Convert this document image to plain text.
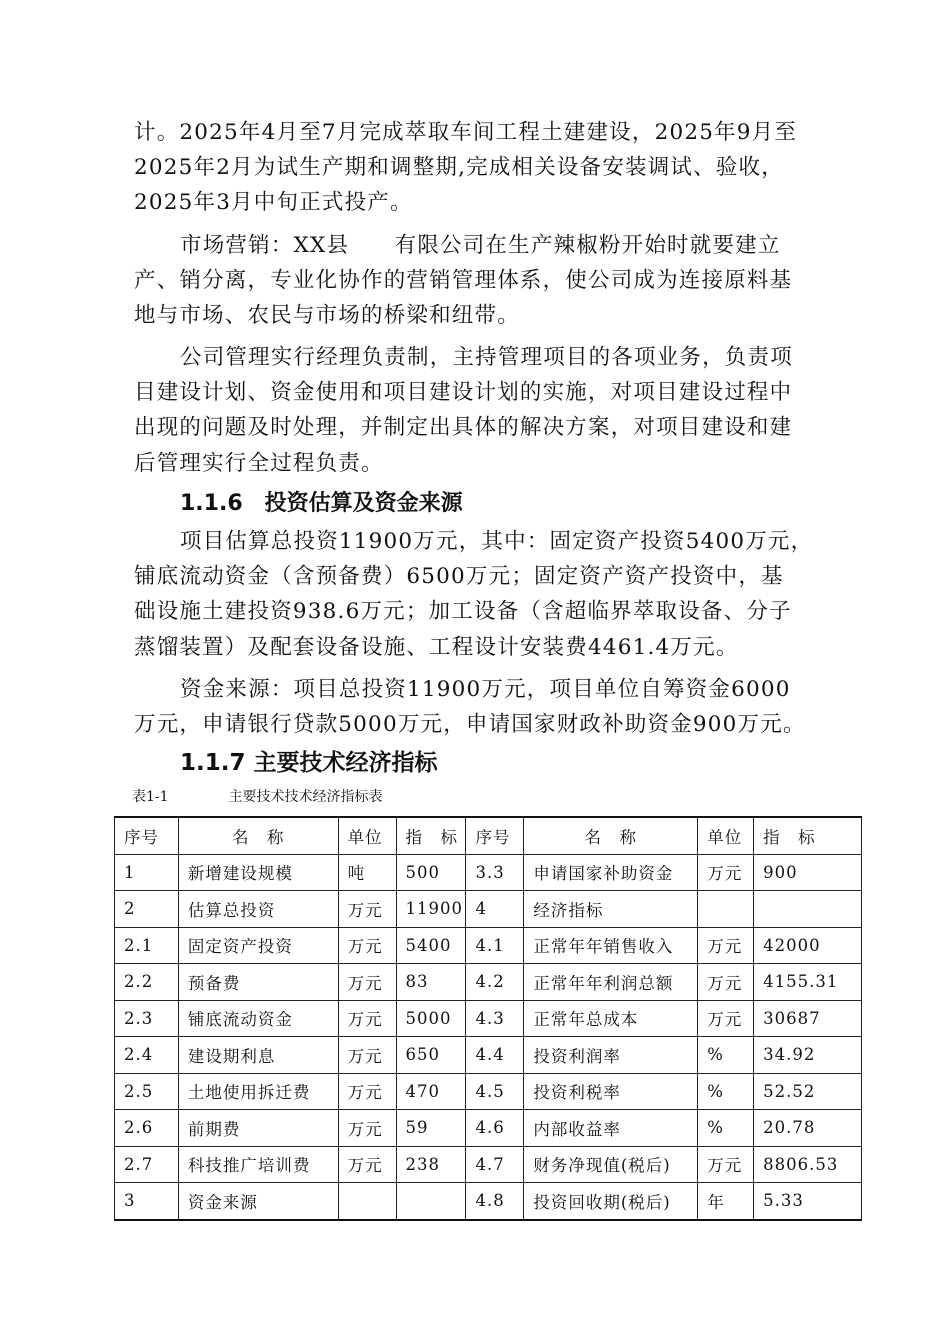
计。2025年4月至7月完成萃取车间工程土建建设，2025年9月至
2025年2月为试生产期和调整期,完成相关设备安装调试、验收，
2025年3月中旬正式投产。
市场营销：XX县　　有限公司在生产辣椒粉开始时就要建立
产、销分离，专业化协作的营销管理体系，使公司成为连接原料基
地与市场、农民与市场的桥梁和纽带。
公司管理实行经理负责制，主持管理项目的各项业务，负责项
目建设计划、资金使用和项目建设计划的实施，对项目建设过程中
出现的问题及时处理，并制定出具体的解决方案，对项目建设和建
后管理实行全过程负责。
1.1.6　投资估算及资金来源
项目估算总投资11900万元，其中：固定资产投资5400万元，
铺底流动资金（含预备费）6500万元；固定资产资产投资中，基
础设施土建投资938.6万元；加工设备（含超临界萃取设备、分子
蒸馏装置）及配套设备设施、工程设计安装费4461.4万元。
资金来源：项目总投资11900万元，项目单位自筹资金6000
万元，申请银行贷款5000万元，申请国家财政补助资金900万元。
1.1.7 主要技术经济指标
表1-1	主要技术技术经济指标表
序号	名　称	单位	指　标	序号	名　称	单位	指　标
1	新增建设规模	吨	500	3.3	申请国家补助资金	万元	900
2	估算总投资	万元	11900	4	经济指标		
2.1	固定资产投资	万元	5400	4.1	正常年年销售收入	万元	42000
2.2	预备费	万元	83	4.2	正常年年利润总额	万元	4155.31
2.3	铺底流动资金	万元	5000	4.3	正常年总成本	万元	30687
2.4	建设期利息	万元	650	4.4	投资利润率	%	34.92
2.5	土地使用拆迁费	万元	470	4.5	投资利税率	%	52.52
2.6	前期费	万元	59	4.6	内部收益率	%	20.78
2.7	科技推广培训费	万元	238	4.7	财务净现值(税后)	万元	8806.53
3	资金来源			4.8	投资回收期(税后)	年	5.33
